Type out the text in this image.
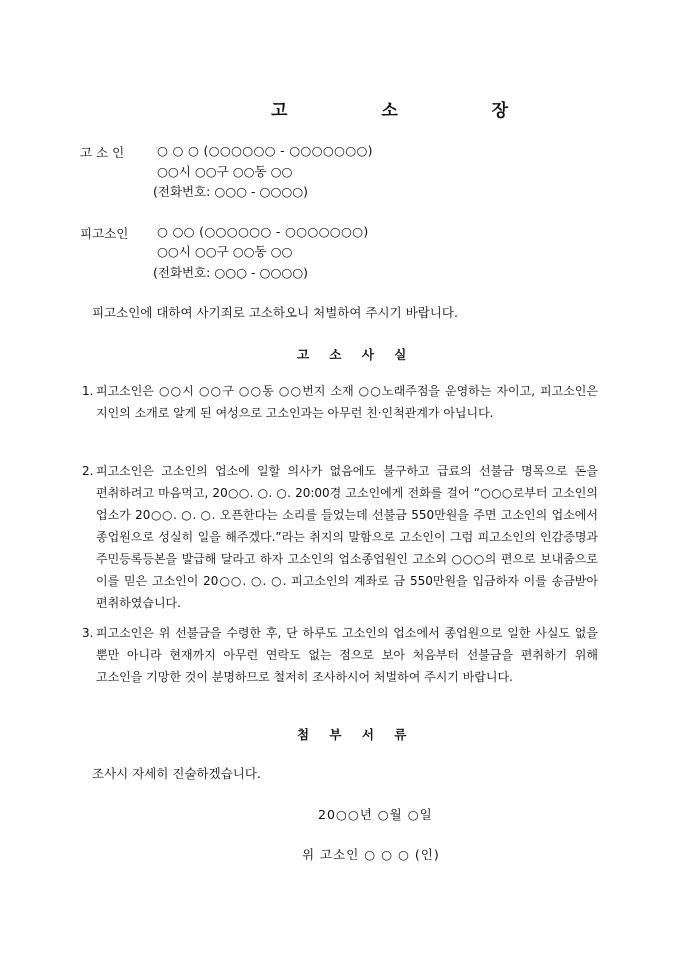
고 소 장
고 소 인	○ ○ ○ (○○○○○○ - ○○○○○○○)
○○시 ○○구 ○○동 ○○
(전화번호: ○○○ - ○○○○)
피고소인 ○ ○○ (○○○○○○ - ○○○○○○○)
○○시 ○○구 ○○동 ○○
(전화번호: ○○○ - ○○○○)
피고소인에 대하여 사기죄로 고소하오니 처벌하여 주시기 바랍니다.
고 소 사 실
1. 피고소인은 ○○시 ○○구 ○○동 ○○번지 소재 ○○노래주점을 운영하는 자이고, 피고소인은 지인의 소개로 알게 된 여성으로 고소인과는 아무런 친·인척관계가 아닙니다.
2. 피고소인은 고소인의 업소에 일할 의사가 없음에도 불구하고 급료의 선불금 명목으로 돈을 편취하려고 마음먹고, 20○○. ○. ○. 20:00경 고소인에게 전화를 걸어 “○○○로부터 고소인의 업소가 20○○. ○. ○. 오픈한다는 소리를 들었는데 선불금 550만원을 주면 고소인의 업소에서 종업원으로 성실히 일을 해주겠다.”라는 취지의 말함으로 고소인이 그럼 피고소인의 인감증명과 주민등록등본을 발급해 달라고 하자 고소인의 업소종업원인 고소외 ○○○의 편으로 보내줌으로 이를 믿은 고소인이 20○○. ○. ○. 피고소인의 계좌로 금 550만원을 입금하자 이를 송금받아 편취하였습니다.
3. 피고소인은 위 선불금을 수령한 후, 단 하루도 고소인의 업소에서 종업원으로 일한 사실도 없을 뿐만 아니라 현재까지 아무런 연락도 없는 점으로 보아 처음부터 선불금을 편취하기 위해 고소인을 기망한 것이 분명하므로 철저히 조사하시어 처벌하여 주시기 바랍니다.
첨 부 서 류
조사시 자세히 진술하겠습니다.
20○○년 ○월 ○일
위 고소인 ○ ○ ○ (인)
